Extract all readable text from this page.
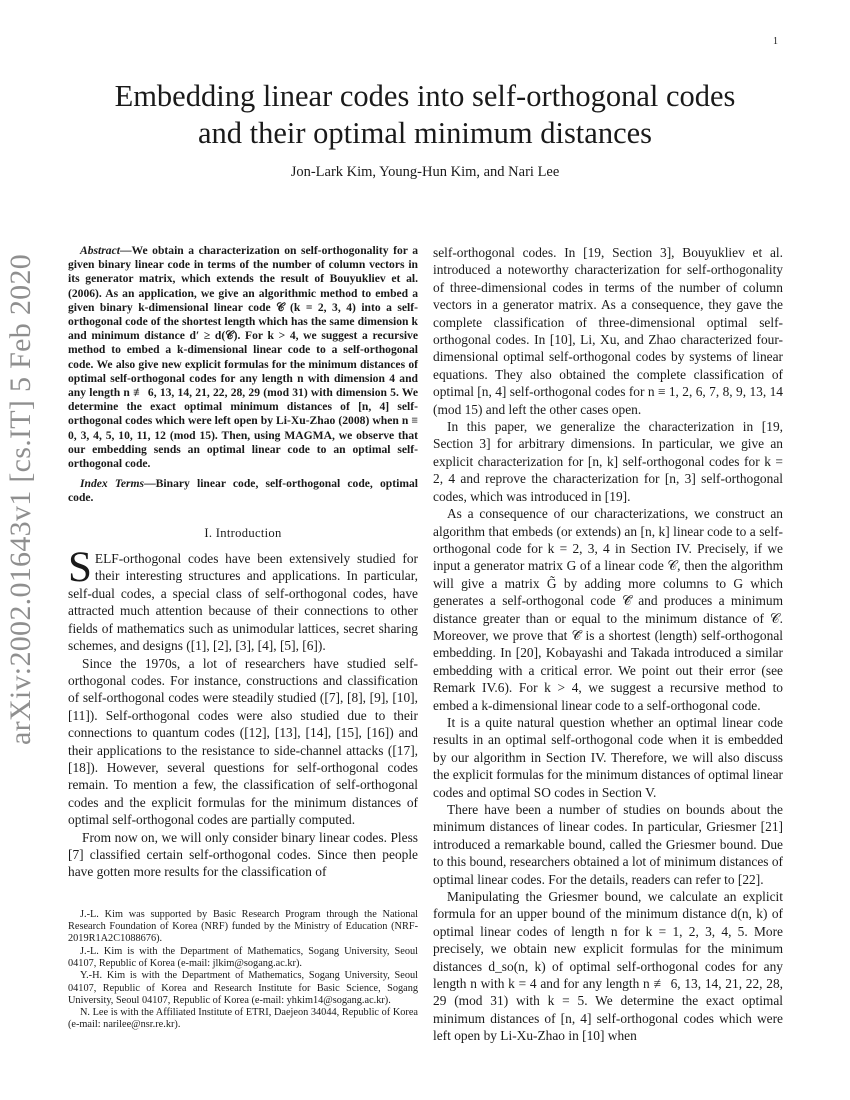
1
arXiv:2002.01643v1 [cs.IT] 5 Feb 2020
Embedding linear codes into self-orthogonal codes
and their optimal minimum distances
Jon-Lark Kim, Young-Hun Kim, and Nari Lee

Abstract—We obtain a characterization on self-orthogonality for a given binary linear code in terms of the number of column vectors in its generator matrix, which extends the result of Bouyukliev et al. (2006). As an application, we give an algorithmic method to embed a given binary k-dimensional linear code 𝒞 (k = 2, 3, 4) into a self-orthogonal code of the shortest length which has the same dimension k and minimum distance d′ ≥ d(𝒞). For k > 4, we suggest a recursive method to embed a k-dimensional linear code to a self-orthogonal code. We also give new explicit formulas for the minimum distances of optimal self-orthogonal codes for any length n with dimension 4 and any length n ≢ 6, 13, 14, 21, 22, 28, 29 (mod 31) with dimension 5. We determine the exact optimal minimum distances of [n, 4] self-orthogonal codes which were left open by Li-Xu-Zhao (2008) when n ≡ 0, 3, 4, 5, 10, 11, 12 (mod 15). Then, using MAGMA, we observe that our embedding sends an optimal linear code to an optimal self-orthogonal code.

Index Terms—Binary linear code, self-orthogonal code, optimal code.

I. Introduction

SELF-orthogonal codes have been extensively studied for their interesting structures and applications. In particular, self-dual codes, a special class of self-orthogonal codes, have attracted much attention because of their connections to other fields of mathematics such as unimodular lattices, secret sharing schemes, and designs ([1], [2], [3], [4], [5], [6]).

Since the 1970s, a lot of researchers have studied self-orthogonal codes. For instance, constructions and classification of self-orthogonal codes were steadily studied ([7], [8], [9], [10], [11]). Self-orthogonal codes were also studied due to their connections to quantum codes ([12], [13], [14], [15], [16]) and their applications to the resistance to side-channel attacks ([17], [18]). However, several questions for self-orthogonal codes remain. To mention a few, the classification of self-orthogonal codes and the explicit formulas for the minimum distances of optimal self-orthogonal codes are partially computed.

From now on, we will only consider binary linear codes. Pless [7] classified certain self-orthogonal codes. Since then people have gotten more results for the classification of

J.-L. Kim was supported by Basic Research Program through the National Research Foundation of Korea (NRF) funded by the Ministry of Education (NRF-2019R1A2C1088676).

J.-L. Kim is with the Department of Mathematics, Sogang University, Seoul 04107, Republic of Korea (e-mail: jlkim@sogang.ac.kr).

Y.-H. Kim is with the Department of Mathematics, Sogang University, Seoul 04107, Republic of Korea and Research Institute for Basic Science, Sogang University, Seoul 04107, Republic of Korea (e-mail: yhkim14@sogang.ac.kr).

N. Lee is with the Affiliated Institute of ETRI, Daejeon 34044, Republic of Korea (e-mail: narilee@nsr.re.kr).

self-orthogonal codes. In [19, Section 3], Bouyukliev et al. introduced a noteworthy characterization for self-orthogonality of three-dimensional codes in terms of the number of column vectors in a generator matrix. As a consequence, they gave the complete classification of three-dimensional optimal self-orthogonal codes. In [10], Li, Xu, and Zhao characterized four-dimensional optimal self-orthogonal codes by systems of linear equations. They also obtained the complete classification of optimal [n, 4] self-orthogonal codes for n ≡ 1, 2, 6, 7, 8, 9, 13, 14 (mod 15) and left the other cases open.

In this paper, we generalize the characterization in [19, Section 3] for arbitrary dimensions. In particular, we give an explicit characterization for [n, k] self-orthogonal codes for k = 2, 4 and reprove the characterization for [n, 3] self-orthogonal codes, which was introduced in [19].

As a consequence of our characterizations, we construct an algorithm that embeds (or extends) an [n, k] linear code to a self-orthogonal code for k = 2, 3, 4 in Section IV. Precisely, if we input a generator matrix G of a linear code 𝒞, then the algorithm will give a matrix G̃ by adding more columns to G which generates a self-orthogonal code 𝒞̃ and produces a minimum distance greater than or equal to the minimum distance of 𝒞. Moreover, we prove that 𝒞̃ is a shortest (length) self-orthogonal embedding. In [20], Kobayashi and Takada introduced a similar embedding with a critical error. We point out their error (see Remark IV.6). For k > 4, we suggest a recursive method to embed a k-dimensional linear code to a self-orthogonal code.

It is a quite natural question whether an optimal linear code results in an optimal self-orthogonal code when it is embedded by our algorithm in Section IV. Therefore, we will also discuss the explicit formulas for the minimum distances of optimal linear codes and optimal SO codes in Section V.

There have been a number of studies on bounds about the minimum distances of linear codes. In particular, Griesmer [21] introduced a remarkable bound, called the Griesmer bound. Due to this bound, researchers obtained a lot of minimum distances of optimal linear codes. For the details, readers can refer to [22].

Manipulating the Griesmer bound, we calculate an explicit formula for an upper bound of the minimum distance d(n, k) of optimal linear codes of length n for k = 1, 2, 3, 4, 5. More precisely, we obtain new explicit formulas for the minimum distances d_so(n, k) of optimal self-orthogonal codes for any length n with k = 4 and for any length n ≢ 6, 13, 14, 21, 22, 28, 29 (mod 31) with k = 5. We determine the exact optimal minimum distances of [n, 4] self-orthogonal codes which were left open by Li-Xu-Zhao in [10] when
